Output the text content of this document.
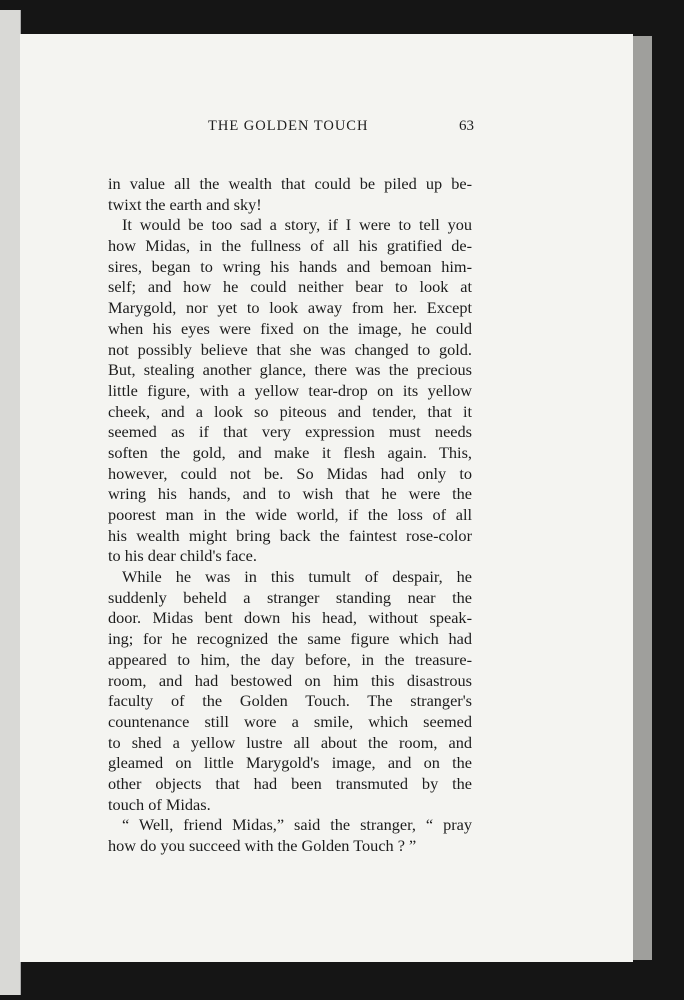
THE GOLDEN TOUCH	63
in value all the wealth that could be piled up be-
twixt the earth and sky!
It would be too sad a story, if I were to tell you
how Midas, in the fullness of all his gratified de-
sires, began to wring his hands and bemoan him-
self; and how he could neither bear to look at
Marygold, nor yet to look away from her. Except
when his eyes were fixed on the image, he could
not possibly believe that she was changed to gold.
But, stealing another glance, there was the precious
little figure, with a yellow tear-drop on its yellow
cheek, and a look so piteous and tender, that it
seemed as if that very expression must needs
soften the gold, and make it flesh again. This,
however, could not be. So Midas had only to
wring his hands, and to wish that he were the
poorest man in the wide world, if the loss of all
his wealth might bring back the faintest rose-color
to his dear child's face.
While he was in this tumult of despair, he
suddenly beheld a stranger standing near the
door. Midas bent down his head, without speak-
ing; for he recognized the same figure which had
appeared to him, the day before, in the treasure-
room, and had bestowed on him this disastrous
faculty of the Golden Touch. The stranger's
countenance still wore a smile, which seemed
to shed a yellow lustre all about the room, and
gleamed on little Marygold's image, and on the
other objects that had been transmuted by the
touch of Midas.
“ Well, friend Midas,” said the stranger, “ pray
how do you succeed with the Golden Touch ? ”
